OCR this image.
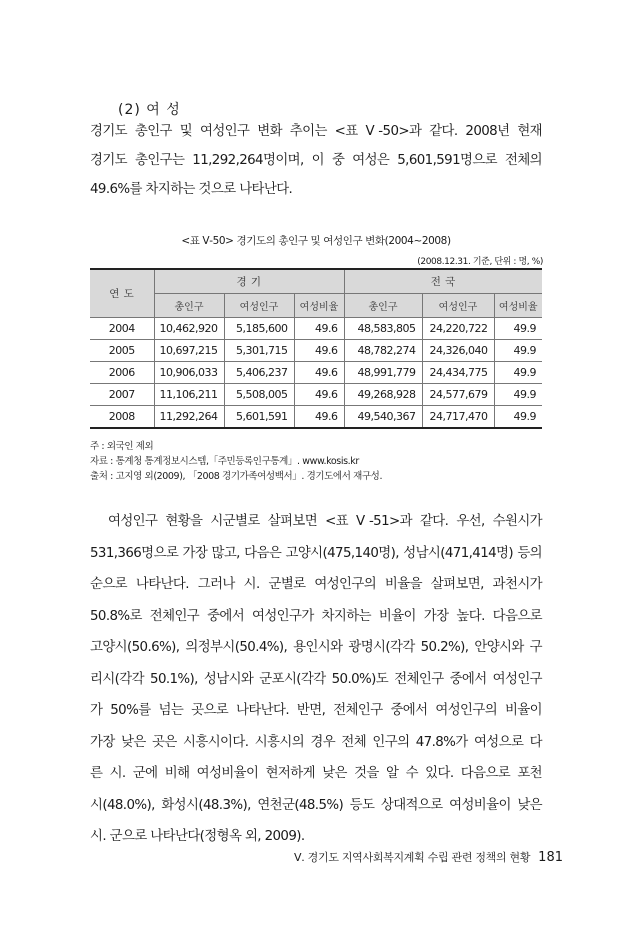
(2) 여 성
경기도 총인구 및 여성인구 변화 추이는 <표 Ⅴ-50>과 같다. 2008년 현재
경기도 총인구는 11,292,264명이며, 이 중 여성은 5,601,591명으로 전체의
49.6%를 차지하는 것으로 나타난다.
<표 Ⅴ-50> 경기도의 총인구 및 여성인구 변화(2004~2008)
(2008.12.31. 기준, 단위 : 명, %)
연 도	경 기			전 국		
	총인구	여성인구	여성비율	총인구	여성인구	여성비율
2004	10,462,920	5,185,600	49.6	48,583,805	24,220,722	49.9
2005	10,697,215	5,301,715	49.6	48,782,274	24,326,040	49.9
2006	10,906,033	5,406,237	49.6	48,991,779	24,434,775	49.9
2007	11,106,211	5,508,005	49.6	49,268,928	24,577,679	49.9
2008	11,292,264	5,601,591	49.6	49,540,367	24,717,470	49.9
주 : 외국인 제외
자료 : 통계청 통계정보시스템,「주민등록인구통계」. www.kosis.kr
출처 : 고지영 외(2009), 「2008 경기가족여성백서」. 경기도에서 재구성.
여성인구 현황을 시군별로 살펴보면 <표 Ⅴ-51>과 같다. 우선, 수원시가
531,366명으로 가장 많고, 다음은 고양시(475,140명), 성남시(471,414명) 등의
순으로 나타난다. 그러나 시. 군별로 여성인구의 비율을 살펴보면, 과천시가
50.8%로 전체인구 중에서 여성인구가 차지하는 비율이 가장 높다. 다음으로
고양시(50.6%), 의정부시(50.4%), 용인시와 광명시(각각 50.2%), 안양시와 구
리시(각각 50.1%), 성남시와 군포시(각각 50.0%)도 전체인구 중에서 여성인구
가 50%를 넘는 곳으로 나타난다. 반면, 전체인구 중에서 여성인구의 비율이
가장 낮은 곳은 시흥시이다. 시흥시의 경우 전체 인구의 47.8%가 여성으로 다
른 시. 군에 비해 여성비율이 현저하게 낮은 것을 알 수 있다. 다음으로 포천
시(48.0%), 화성시(48.3%), 연천군(48.5%) 등도 상대적으로 여성비율이 낮은
시. 군으로 나타난다(정형옥 외, 2009).
Ⅴ. 경기도 지역사회복지계획 수립 관련 정책의 현황 181
